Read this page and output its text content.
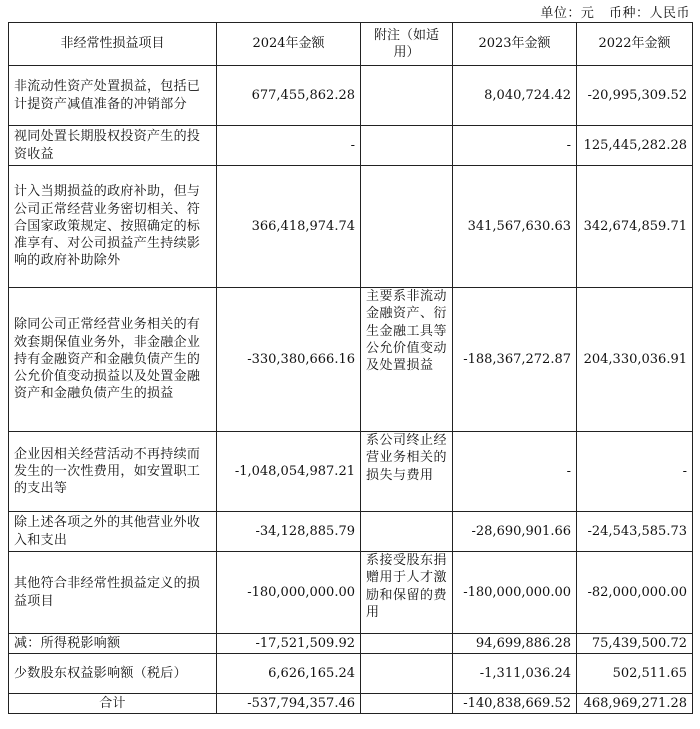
单位：元 币种：人民币
非经常性损益项目	2024年金额	附注（如适用）	2023年金额	2022年金额
非流动性资产处置损益，包括已计提资产减值准备的冲销部分	677,455,862.28		8,040,724.42	-20,995,309.52
视同处置长期股权投资产生的投资收益	-		-	125,445,282.28
计入当期损益的政府补助，但与公司正常经营业务密切相关、符合国家政策规定、按照确定的标准享有、对公司损益产生持续影响的政府补助除外	366,418,974.74		341,567,630.63	342,674,859.71
除同公司正常经营业务相关的有效套期保值业务外，非金融企业持有金融资产和金融负债产生的公允价值变动损益以及处置金融资产和金融负债产生的损益	-330,380,666.16	主要系非流动金融资产、衍生金融工具等公允价值变动及处置损益	-188,367,272.87	204,330,036.91
企业因相关经营活动不再持续而发生的一次性费用，如安置职工的支出等	-1,048,054,987.21	系公司终止经营业务相关的损失与费用	-	-
除上述各项之外的其他营业外收入和支出	-34,128,885.79		-28,690,901.66	-24,543,585.73
其他符合非经常性损益定义的损益项目	-180,000,000.00	系接受股东捐赠用于人才激励和保留的费用	-180,000,000.00	-82,000,000.00
减：所得税影响额	-17,521,509.92		94,699,886.28	75,439,500.72
少数股东权益影响额（税后）	6,626,165.24		-1,311,036.24	502,511.65
合计	-537,794,357.46		-140,838,669.52	468,969,271.28
